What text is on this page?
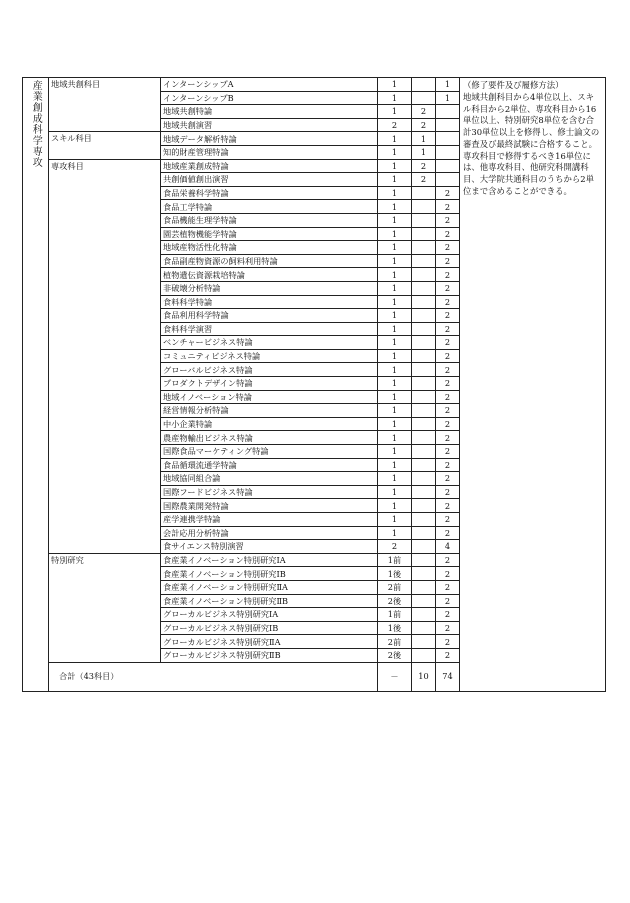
産業創成科学専攻	地域共創科目	インターンシップA	1		1	（修了要件及び履修方法）
地域共創科目から4単位以上、スキル科目から2単位、専攻科目から16単位以上、特別研究8単位を含む合計30単位以上を修得し、修士論文の審査及び最終試験に合格すること。専攻科目で修得するべき16単位には、他専攻科目、他研究科開講科目、大学院共通科目のうちから2単位まで含めることができる。

		インターンシップB	1		1	
		地域共創特論	1	2		
		地域共創演習	2	2		
	スキル科目	地域データ解析特論	1	1		
		知的財産管理特論	1	1		
	専攻科目	地域産業創成特論	1	2		
		共創価値創出演習	1	2		
		食品栄養科学特論	1		2	
		食品工学特論	1		2	
		食品機能生理学特論	1		2	
		園芸植物機能学特論	1		2	
		地域産物活性化特論	1		2	
		食品副産物資源の飼料利用特論	1		2	
		植物遺伝資源栽培特論	1		2	
		非破壊分析特論	1		2	
		食料科学特論	1		2	
		食品利用科学特論	1		2	
		食料科学演習	1		2	
		ベンチャービジネス特論	1		2	
		コミュニティビジネス特論	1		2	
		グローバルビジネス特論	1		2	
		プロダクトデザイン特論	1		2	
		地域イノベーション特論	1		2	
		経営情報分析特論	1		2	
		中小企業特論	1		2	
		農産物輸出ビジネス特論	1		2	
		国際食品マーケティング特論	1		2	
		食品循環流通学特論	1		2	
		地域協同組合論	1		2	
		国際フードビジネス特論	1		2	
		国際農業開発特論	1		2	
		産学連携学特論	1		2	
		会計応用分析特論	1		2	
		食サイエンス特別演習	2		4	
	特別研究	食産業イノベーション特別研究ⅠA	1前		2	
		食産業イノベーション特別研究ⅠB	1後		2	
		食産業イノベーション特別研究ⅡA	2前		2	
		食産業イノベーション特別研究ⅡB	2後		2	
		グローカルビジネス特別研究ⅠA	1前		2	
		グローカルビジネス特別研究ⅠB	1後		2	
		グローカルビジネス特別研究ⅡA	2前		2	
		グローカルビジネス特別研究ⅡB	2後		2	
	合計（43科目）		－	10	74	
